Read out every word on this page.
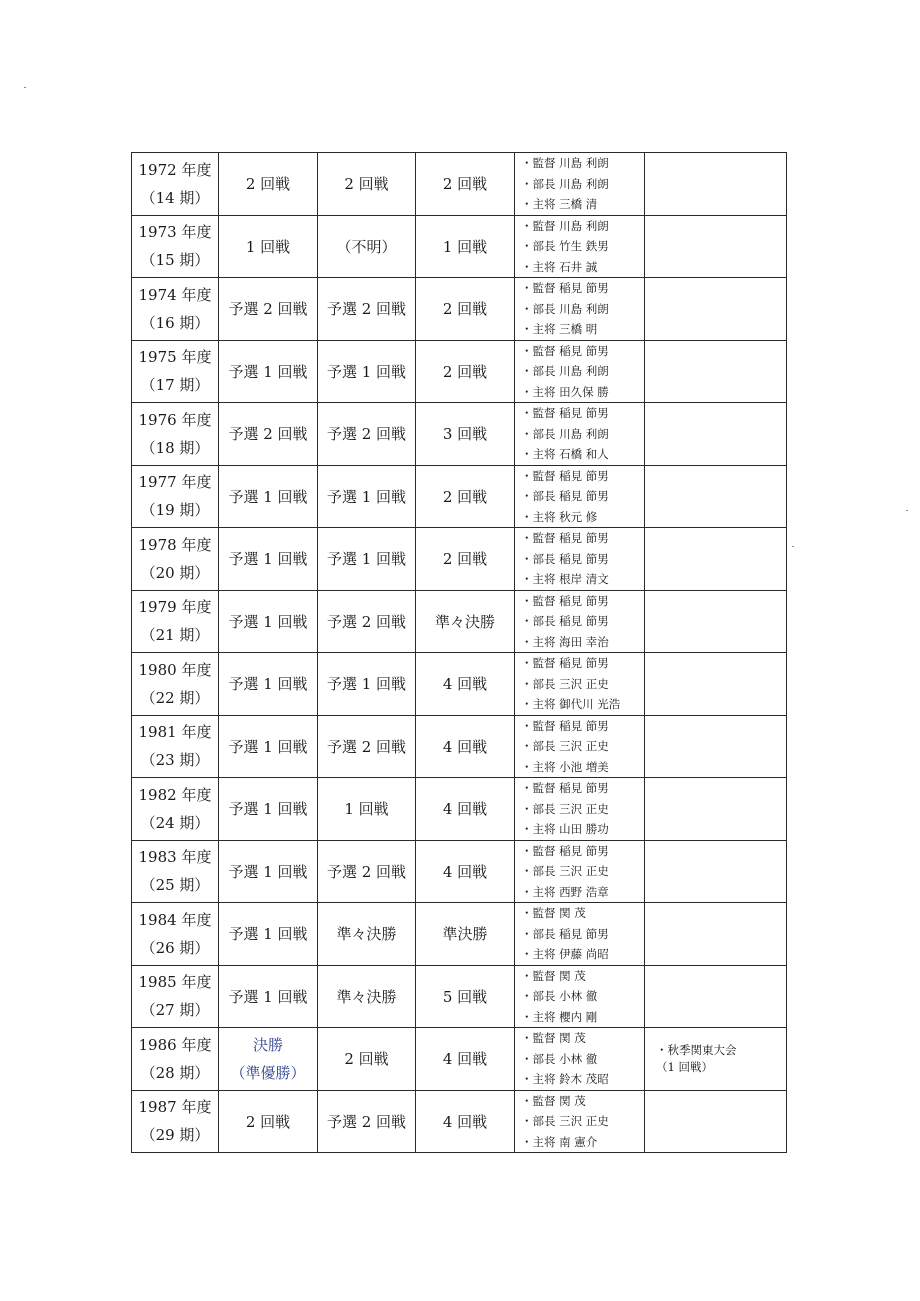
1972 年度
（14 期）	2 回戦	2 回戦	2 回戦	・監督 川島 利朗
・部長 川島 利朗
・主将 三橋 清	

1973 年度
（15 期）	1 回戦	（不明）	1 回戦	・監督 川島 利朗
・部長 竹生 鉄男
・主将 石井 誠	

1974 年度
（16 期）	予選 2 回戦	予選 2 回戦	2 回戦	・監督 稲見 節男
・部長 川島 利朗
・主将 三橋 明	

1975 年度
（17 期）	予選 1 回戦	予選 1 回戦	2 回戦	・監督 稲見 節男
・部長 川島 利朗
・主将 田久保 勝	

1976 年度
（18 期）	予選 2 回戦	予選 2 回戦	3 回戦	・監督 稲見 節男
・部長 川島 利朗
・主将 石橋 和人	

1977 年度
（19 期）	予選 1 回戦	予選 1 回戦	2 回戦	・監督 稲見 節男
・部長 稲見 節男
・主将 秋元 修	

1978 年度
（20 期）	予選 1 回戦	予選 1 回戦	2 回戦	・監督 稲見 節男
・部長 稲見 節男
・主将 根岸 清文	

1979 年度
（21 期）	予選 1 回戦	予選 2 回戦	準々決勝	・監督 稲見 節男
・部長 稲見 節男
・主将 海田 幸治	

1980 年度
（22 期）	予選 1 回戦	予選 1 回戦	4 回戦	・監督 稲見 節男
・部長 三沢 正史
・主将 御代川 光浩	

1981 年度
（23 期）	予選 1 回戦	予選 2 回戦	4 回戦	・監督 稲見 節男
・部長 三沢 正史
・主将 小池 増美	

1982 年度
（24 期）	予選 1 回戦	1 回戦	4 回戦	・監督 稲見 節男
・部長 三沢 正史
・主将 山田 勝功	

1983 年度
（25 期）	予選 1 回戦	予選 2 回戦	4 回戦	・監督 稲見 節男
・部長 三沢 正史
・主将 西野 浩章	

1984 年度
（26 期）	予選 1 回戦	準々決勝	準決勝	・監督 関 茂
・部長 稲見 節男
・主将 伊藤 尚昭	

1985 年度
（27 期）	予選 1 回戦	準々決勝	5 回戦	・監督 関 茂
・部長 小林 徹
・主将 櫻内 剛	

1986 年度
（28 期）	決勝
（準優勝）	2 回戦	4 回戦	・監督 関 茂
・部長 小林 徹
・主将 鈴木 茂昭	・秋季関東大会
（1 回戦）

1987 年度
（29 期）	2 回戦	予選 2 回戦	4 回戦	・監督 関 茂
・部長 三沢 正史
・主将 南 憲介	
